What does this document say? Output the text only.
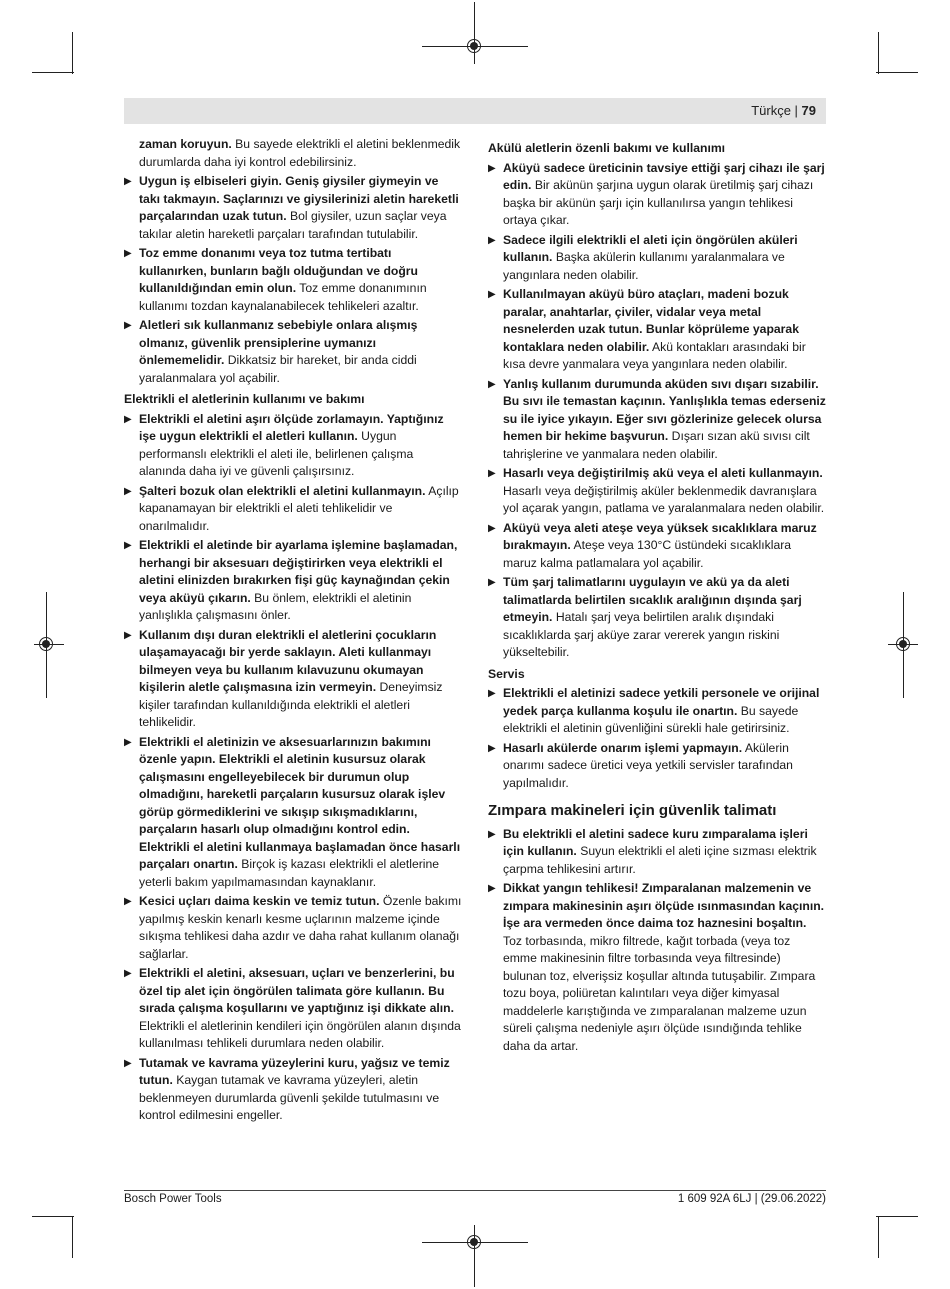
Türkçe | 79

zaman koruyun. Bu sayede elektrikli el aletini beklenmedik durumlarda daha iyi kontrol edebilirsiniz.

▶ Uygun iş elbiseleri giyin. Geniş giysiler giymeyin ve takı takmayın. Saçlarınızı ve giysilerinizi aletin hareketli parçalarından uzak tutun. Bol giysiler, uzun saçlar veya takılar aletin hareketli parçaları tarafından tutulabilir.

▶ Toz emme donanımı veya toz tutma tertibatı kullanırken, bunların bağlı olduğundan ve doğru kullanıldığından emin olun. Toz emme donanımının kullanımı tozdan kaynalanabilecek tehlikeleri azaltır.

▶ Aletleri sık kullanmanız sebebiyle onlara alışmış olmanız, güvenlik prensiplerine uymanızı önlememelidir. Dikkatsiz bir hareket, bir anda ciddi yaralanmalara yol açabilir.

Elektrikli el aletlerinin kullanımı ve bakımı

▶ Elektrikli el aletini aşırı ölçüde zorlamayın. Yaptığınız işe uygun elektrikli el aletleri kullanın. Uygun performanslı elektrikli el aleti ile, belirlenen çalışma alanında daha iyi ve güvenli çalışırsınız.

▶ Şalteri bozuk olan elektrikli el aletini kullanmayın. Açılıp kapanamayan bir elektrikli el aleti tehlikelidir ve onarılmalıdır.

▶ Elektrikli el aletinde bir ayarlama işlemine başlamadan, herhangi bir aksesuarı değiştirirken veya elektrikli el aletini elinizden bırakırken fişi güç kaynağından çekin veya aküyü çıkarın. Bu önlem, elektrikli el aletinin yanlışlıkla çalışmasını önler.

▶ Kullanım dışı duran elektrikli el aletlerini çocukların ulaşamayacağı bir yerde saklayın. Aleti kullanmayı bilmeyen veya bu kullanım kılavuzunu okumayan kişilerin aletle çalışmasına izin vermeyin. Deneyimsiz kişiler tarafından kullanıldığında elektrikli el aletleri tehlikelidir.

▶ Elektrikli el aletinizin ve aksesuarlarınızın bakımını özenle yapın. Elektrikli el aletinin kusursuz olarak çalışmasını engelleyebilecek bir durumun olup olmadığını, hareketli parçaların kusursuz olarak işlev görüp görmediklerini ve sıkışıp sıkışmadıklarını, parçaların hasarlı olup olmadığını kontrol edin. Elektrikli el aletini kullanmaya başlamadan önce hasarlı parçaları onartın. Birçok iş kazası elektrikli el aletlerine yeterli bakım yapılmamasından kaynaklanır.

▶ Kesici uçları daima keskin ve temiz tutun. Özenle bakımı yapılmış keskin kenarlı kesme uçlarının malzeme içinde sıkışma tehlikesi daha azdır ve daha rahat kullanım olanağı sağlarlar.

▶ Elektrikli el aletini, aksesuarı, uçları ve benzerlerini, bu özel tip alet için öngörülen talimata göre kullanın. Bu sırada çalışma koşullarını ve yaptığınız işi dikkate alın. Elektrikli el aletlerinin kendileri için öngörülen alanın dışında kullanılması tehlikeli durumlara neden olabilir.

▶ Tutamak ve kavrama yüzeylerini kuru, yağsız ve temiz tutun. Kaygan tutamak ve kavrama yüzeyleri, aletin beklenmeyen durumlarda güvenli şekilde tutulmasını ve kontrol edilmesini engeller.

Akülü aletlerin özenli bakımı ve kullanımı

▶ Aküyü sadece üreticinin tavsiye ettiği şarj cihazı ile şarj edin. Bir akünün şarjına uygun olarak üretilmiş şarj cihazı başka bir akünün şarjı için kullanılırsa yangın tehlikesi ortaya çıkar.

▶ Sadece ilgili elektrikli el aleti için öngörülen aküleri kullanın. Başka akülerin kullanımı yaralanmalara ve yangınlara neden olabilir.

▶ Kullanılmayan aküyü büro ataçları, madeni bozuk paralar, anahtarlar, çiviler, vidalar veya metal nesnelerden uzak tutun. Bunlar köprüleme yaparak kontaklara neden olabilir. Akü kontakları arasındaki bir kısa devre yanmalara veya yangınlara neden olabilir.

▶ Yanlış kullanım durumunda aküden sıvı dışarı sızabilir. Bu sıvı ile temastan kaçının. Yanlışlıkla temas ederseniz su ile iyice yıkayın. Eğer sıvı gözlerinize gelecek olursa hemen bir hekime başvurun. Dışarı sızan akü sıvısı cilt tahrişlerine ve yanmalara neden olabilir.

▶ Hasarlı veya değiştirilmiş akü veya el aleti kullanmayın. Hasarlı veya değiştirilmiş aküler beklenmedik davranışlara yol açarak yangın, patlama ve yaralanmalara neden olabilir.

▶ Aküyü veya aleti ateşe veya yüksek sıcaklıklara maruz bırakmayın. Ateşe veya 130°C üstündeki sıcaklıklara maruz kalma patlamalara yol açabilir.

▶ Tüm şarj talimatlarını uygulayın ve akü ya da aleti talimatlarda belirtilen sıcaklık aralığının dışında şarj etmeyin. Hatalı şarj veya belirtilen aralık dışındaki sıcaklıklarda şarj aküye zarar vererek yangın riskini yükseltebilir.

Servis

▶ Elektrikli el aletinizi sadece yetkili personele ve orijinal yedek parça kullanma koşulu ile onartın. Bu sayede elektrikli el aletinin güvenliğini sürekli hale getirirsiniz.

▶ Hasarlı akülerde onarım işlemi yapmayın. Akülerin onarımı sadece üretici veya yetkili servisler tarafından yapılmalıdır.

Zımpara makineleri için güvenlik talimatı

▶ Bu elektrikli el aletini sadece kuru zımparalama işleri için kullanın. Suyun elektrikli el aleti içine sızması elektrik çarpma tehlikesini artırır.

▶ Dikkat yangın tehlikesi! Zımparalanan malzemenin ve zımpara makinesinin aşırı ölçüde ısınmasından kaçının. İşe ara vermeden önce daima toz haznesini boşaltın. Toz torbasında, mikro filtrede, kağıt torbada (veya toz emme makinesinin filtre torbasında veya filtresinde) bulunan toz, elverişsiz koşullar altında tutuşabilir. Zımpara tozu boya, poliüretan kalıntıları veya diğer kimyasal maddelerle karıştığında ve zımparalanan malzeme uzun süreli çalışma nedeniyle aşırı ölçüde ısındığında tehlike daha da artar.

Bosch Power Tools	1 609 92A 6LJ | (29.06.2022)
